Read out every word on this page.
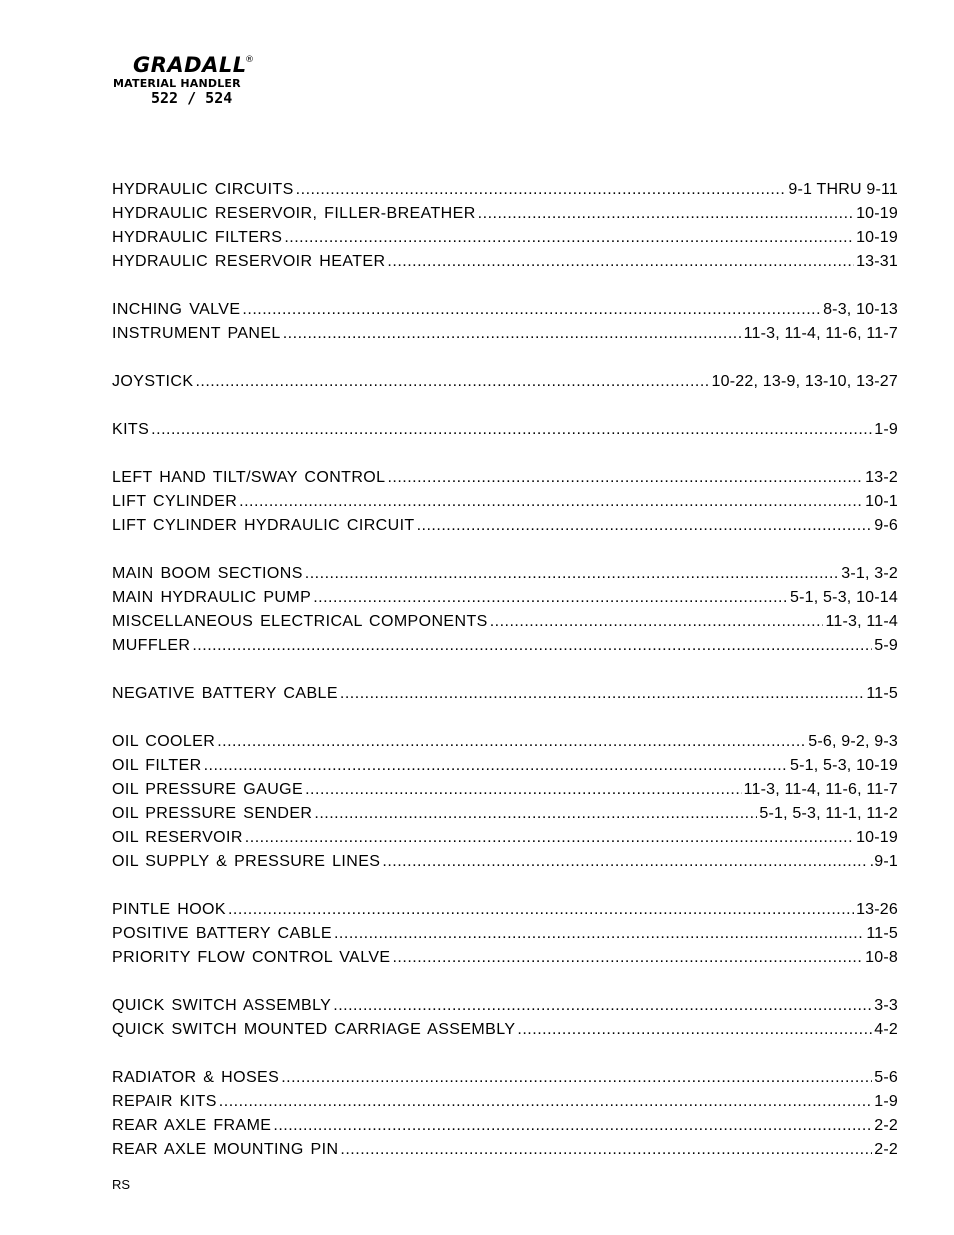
GRADALL
®
MATERIAL HANDLER
522 / 524
HYDRAULIC CIRCUITS .....	9-1 THRU 9-11
HYDRAULIC RESERVOIR, FILLER-BREATHER .....	10-19
HYDRAULIC FILTERS .....	10-19
HYDRAULIC RESERVOIR HEATER .....	13-31
INCHING VALVE .....	8-3, 10-13
INSTRUMENT PANEL .....	11-3, 11-4, 11-6, 11-7
JOYSTICK .....	10-22, 13-9, 13-10, 13-27
KITS .....	1-9
LEFT HAND TILT/SWAY CONTROL .....	13-2
LIFT CYLINDER .....	10-1
LIFT CYLINDER HYDRAULIC CIRCUIT .....	9-6
MAIN BOOM SECTIONS .....	3-1, 3-2
MAIN HYDRAULIC PUMP .....	5-1, 5-3, 10-14
MISCELLANEOUS ELECTRICAL COMPONENTS .....	11-3, 11-4
MUFFLER .....	5-9
NEGATIVE BATTERY CABLE .....	11-5
OIL COOLER .....	5-6, 9-2, 9-3
OIL FILTER .....	5-1, 5-3, 10-19
OIL PRESSURE GAUGE .....	11-3, 11-4, 11-6, 11-7
OIL PRESSURE SENDER .....	5-1, 5-3, 11-1, 11-2
OIL RESERVOIR .....	10-19
OIL SUPPLY & PRESSURE LINES .....	.9-1
PINTLE HOOK .....	13-26
POSITIVE BATTERY CABLE .....	11-5
PRIORITY FLOW CONTROL VALVE .....	10-8
QUICK SWITCH ASSEMBLY .....	3-3
QUICK SWITCH MOUNTED CARRIAGE ASSEMBLY .....	4-2
RADIATOR & HOSES .....	5-6
REPAIR KITS .....	1-9
REAR AXLE FRAME .....	2-2
REAR AXLE MOUNTING PIN .....	2-2
RS
